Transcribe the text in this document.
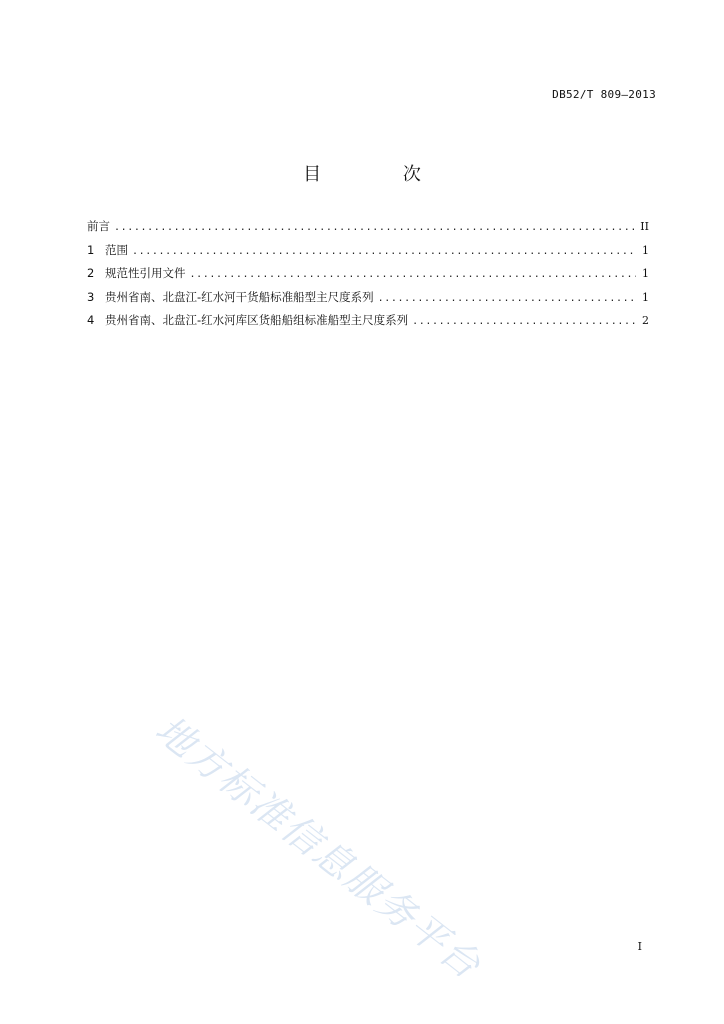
DB52/T 809—2013
目 次
前言 .....	II
1 范围 .....	1
2 规范性引用文件 .....	1
3 贵州省南、北盘江-红水河干货船标准船型主尺度系列 .....	1
4 贵州省南、北盘江-红水河库区货船船组标准船型主尺度系列 .....	2
地方标准信息服务平台	I
